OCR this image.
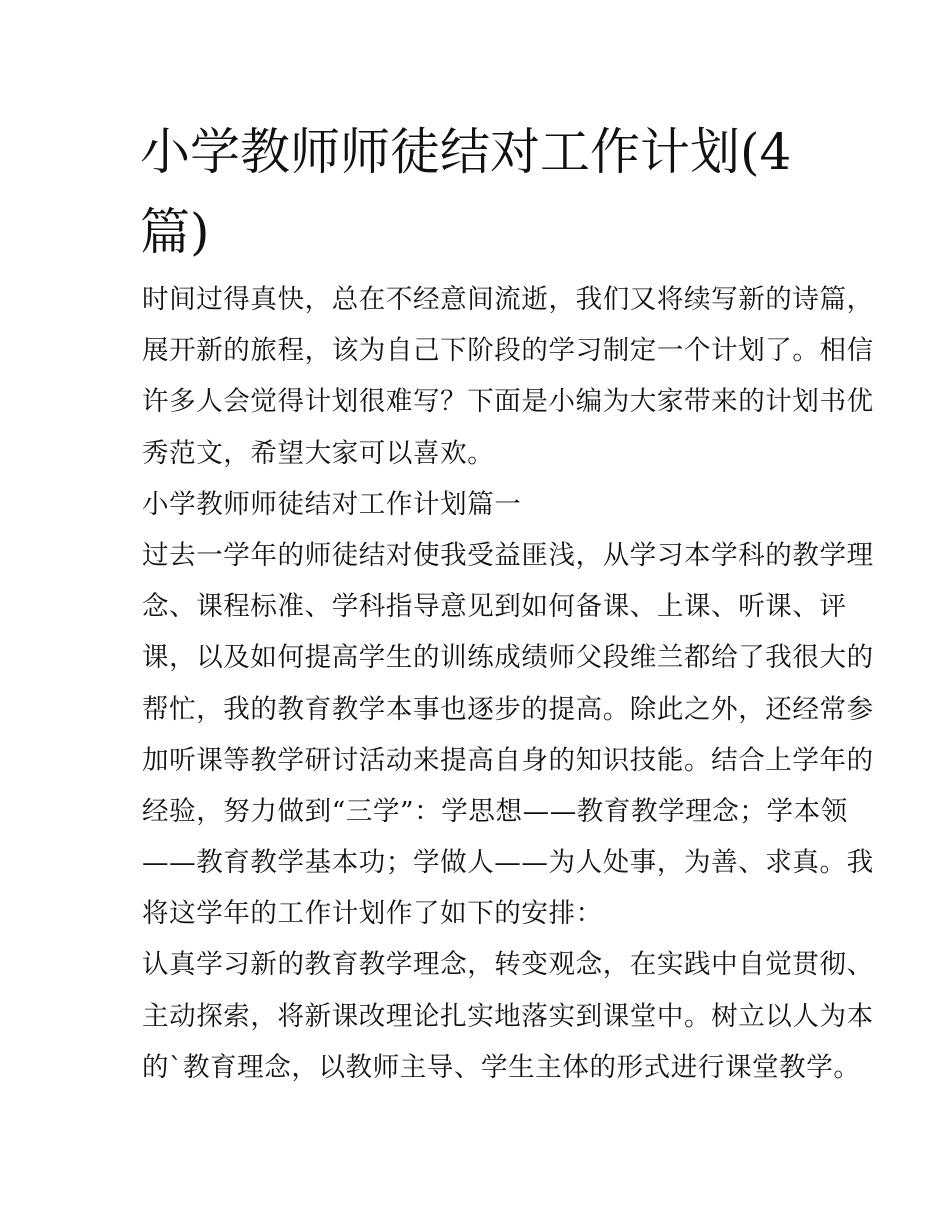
小学教师师徒结对工作计划(4
篇)
时间过得真快，总在不经意间流逝，我们又将续写新的诗篇，
展开新的旅程，该为自己下阶段的学习制定一个计划了。相信
许多人会觉得计划很难写？下面是小编为大家带来的计划书优
秀范文，希望大家可以喜欢。
小学教师师徒结对工作计划篇一
过去一学年的师徒结对使我受益匪浅，从学习本学科的教学理
念、课程标准、学科指导意见到如何备课、上课、听课、评
课，以及如何提高学生的训练成绩师父段维兰都给了我很大的
帮忙，我的教育教学本事也逐步的提高。除此之外，还经常参
加听课等教学研讨活动来提高自身的知识技能。结合上学年的
经验，努力做到“三学”：学思想——教育教学理念；学本领
——教育教学基本功；学做人——为人处事，为善、求真。我
将这学年的工作计划作了如下的安排：
认真学习新的教育教学理念，转变观念，在实践中自觉贯彻、
主动探索，将新课改理论扎实地落实到课堂中。树立以人为本
的`教育理念，以教师主导、学生主体的形式进行课堂教学。
